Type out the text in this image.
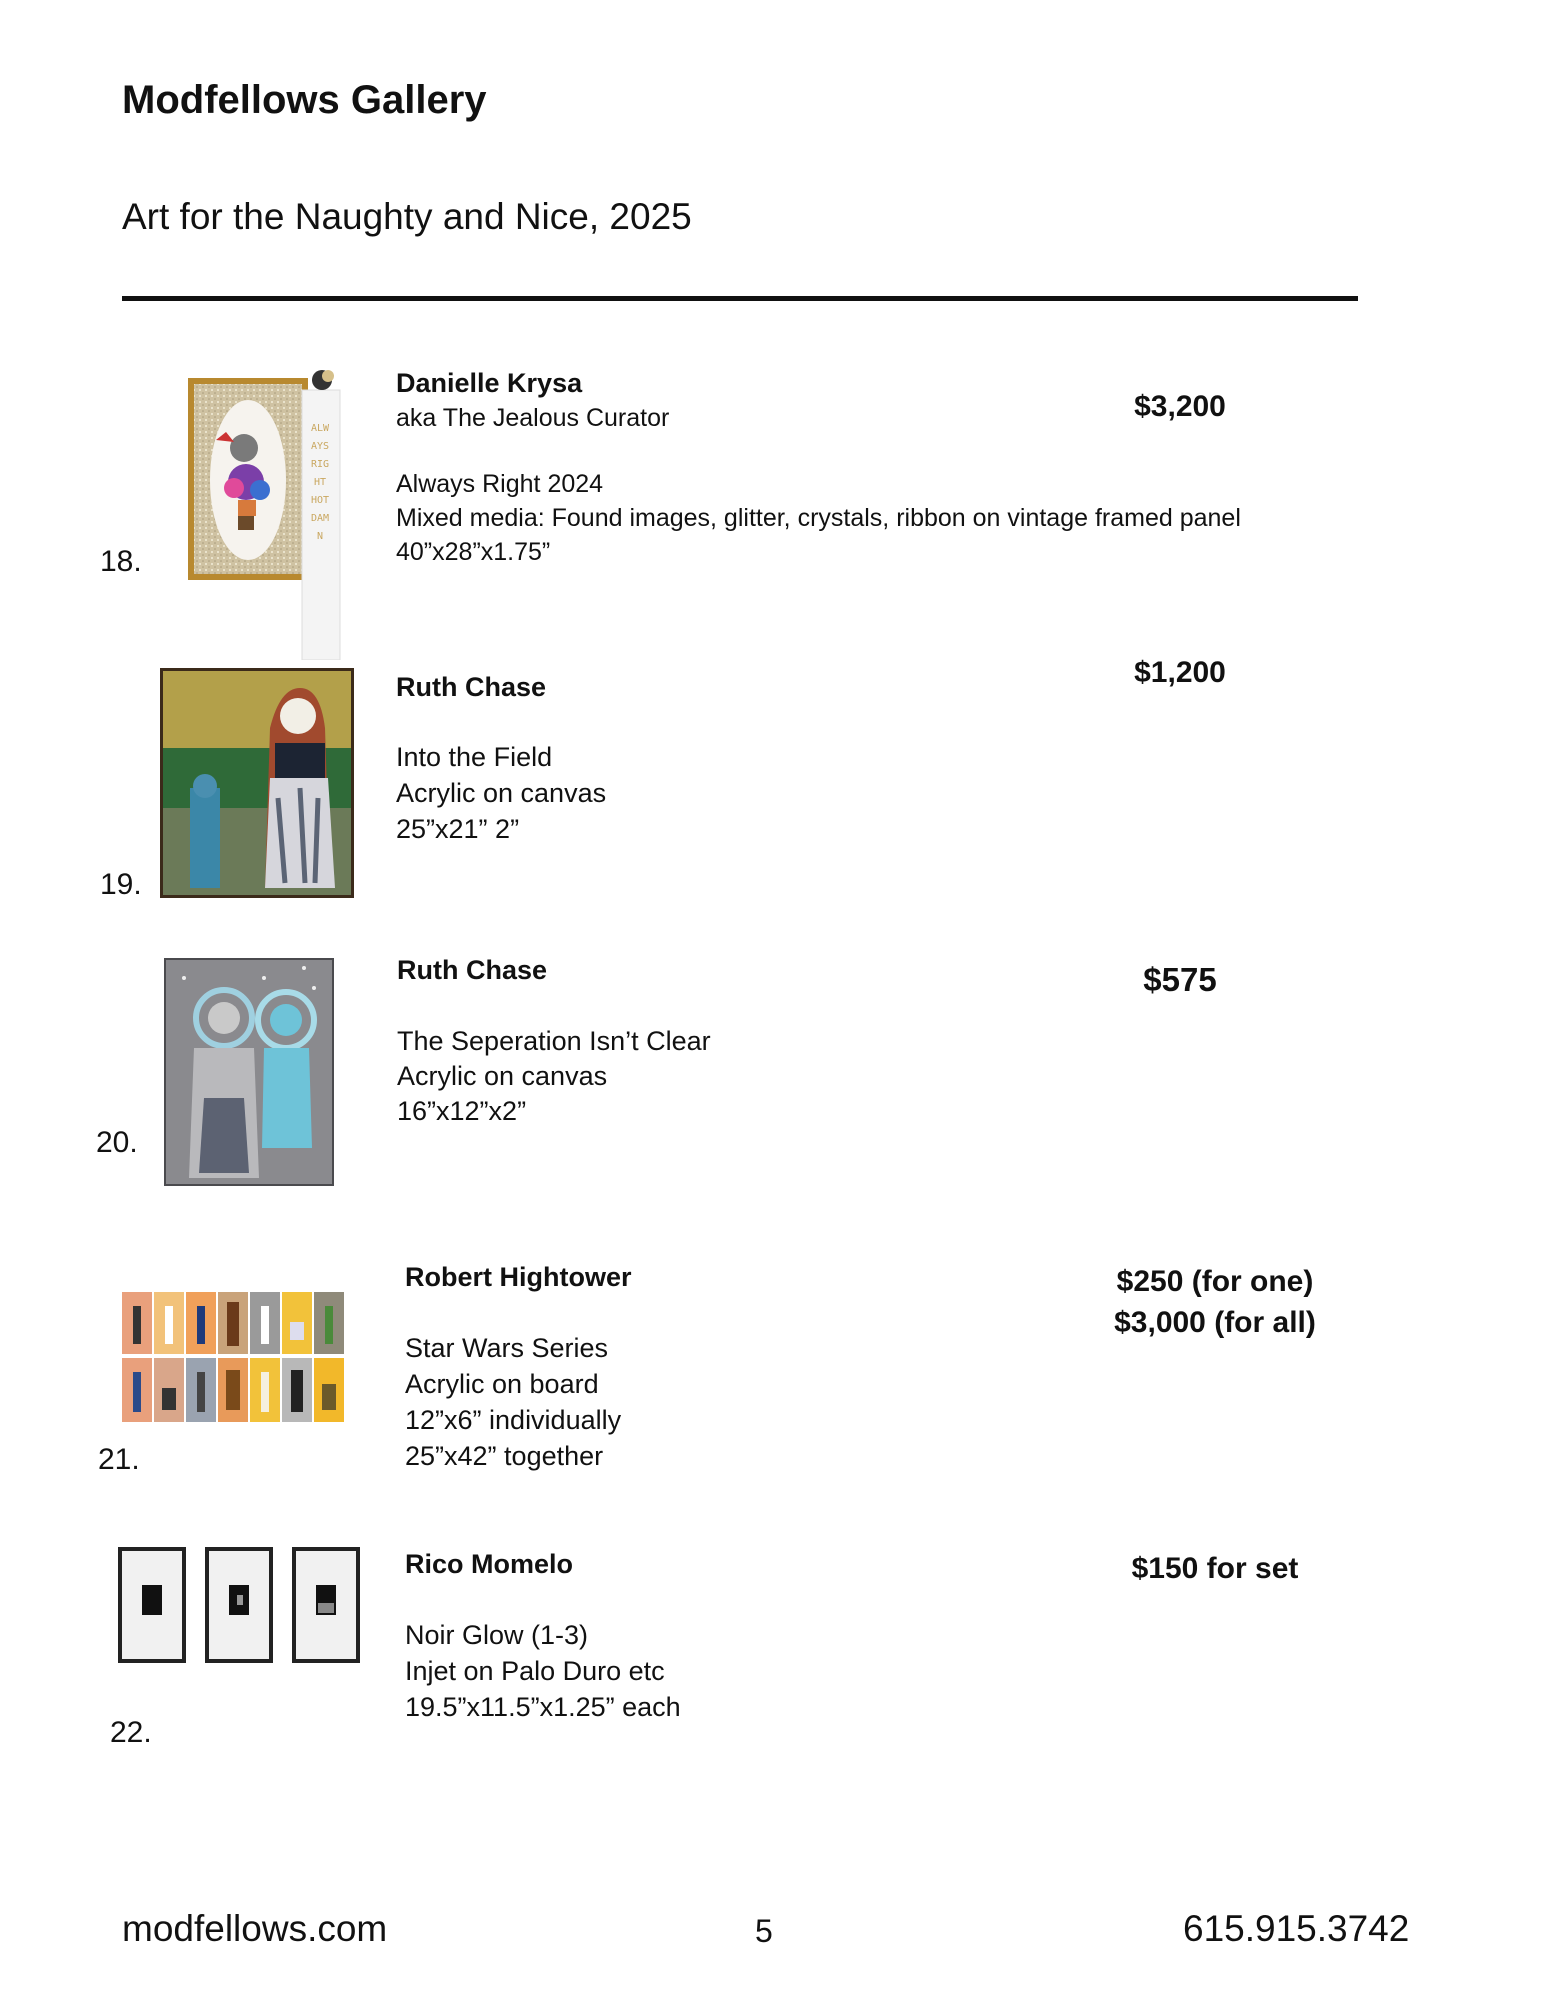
Modfellows Gallery
Art for the Naughty and Nice, 2025
18.
ALWAYS RIGHT HOT DAMN
Danielle Krysa
aka The Jealous Curator
Always Right 2024
Mixed media: Found images, glitter, crystals, ribbon on vintage framed panel
40”x28”x1.75”
$3,200
19.
Ruth Chase
Into the Field
Acrylic on canvas
25”x21” 2”
$1,200
20.
Ruth Chase
The Seperation Isn’t Clear
Acrylic on canvas
16”x12”x2”
$575
21.
Robert Hightower
Star Wars Series
Acrylic on board
12”x6” individually
25”x42” together
$250 (for one)
$3,000 (for all)
22.
Rico Momelo
Noir Glow (1-3)
Injet on Palo Duro etc
19.5”x11.5”x1.25” each
$150 for set
modfellows.com	5	615.915.3742
